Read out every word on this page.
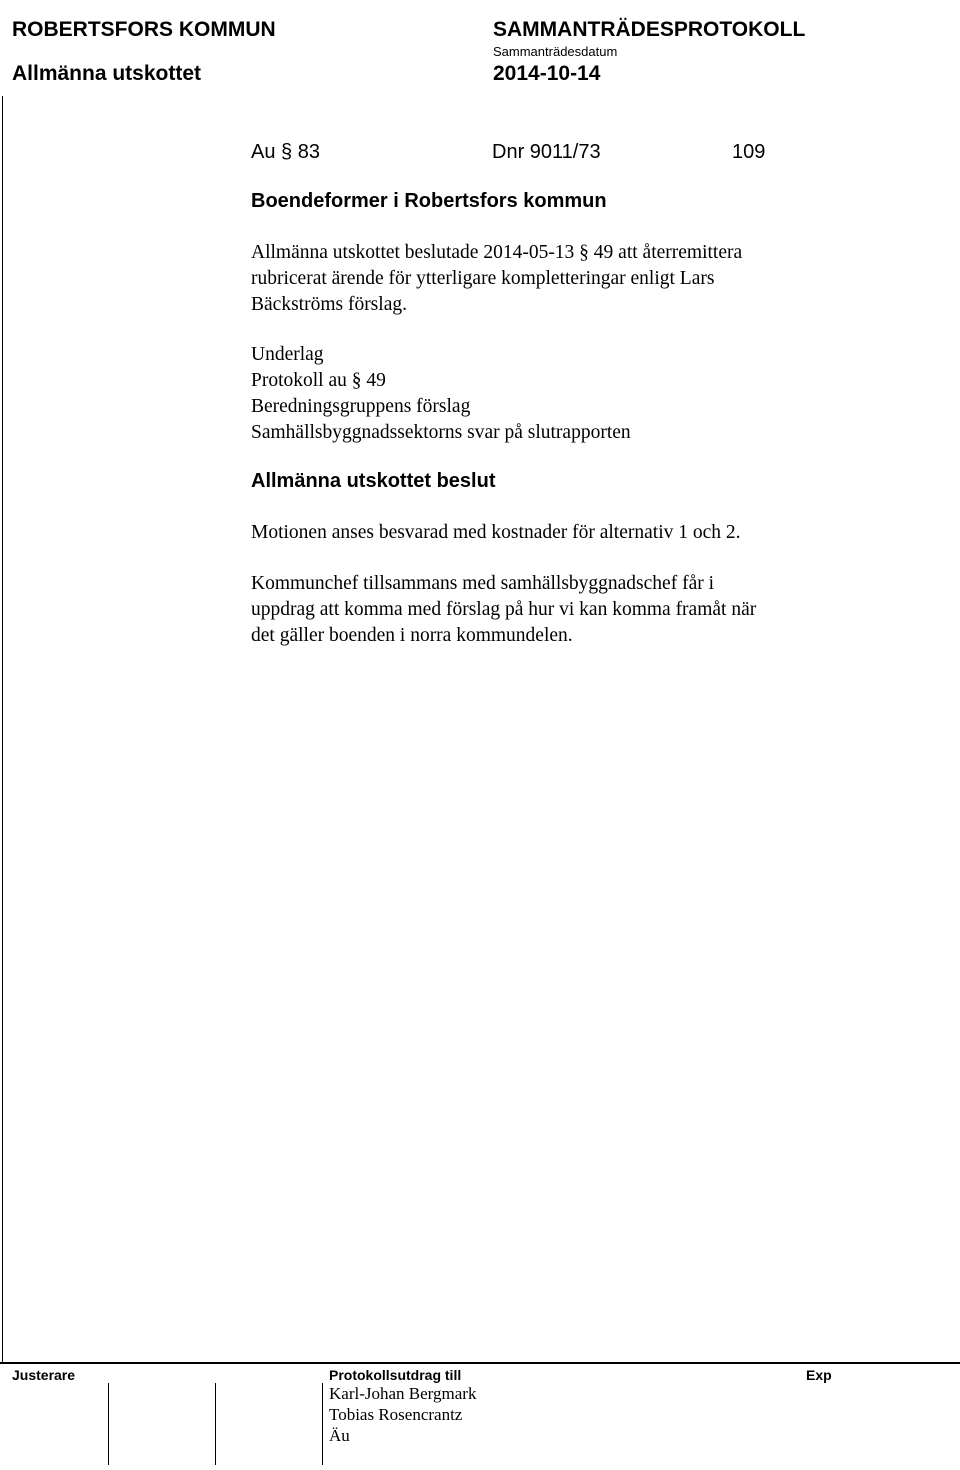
ROBERTSFORS KOMMUN
Allmänna utskottet
SAMMANTRÄDESPROTOKOLL
Sammanträdesdatum
2014-10-14
Au § 83	Dnr 9011/73	109
Boendeformer i Robertsfors kommun
Allmänna utskottet beslutade 2014-05-13 § 49 att återremittera
rubricerat ärende för ytterligare kompletteringar enligt Lars
Bäckströms förslag.
Underlag
Protokoll au § 49
Beredningsgruppens förslag
Samhällsbyggnadssektorns svar på slutrapporten
Allmänna utskottet beslut
Motionen anses besvarad med kostnader för alternativ 1 och 2.
Kommunchef tillsammans med samhällsbyggnadschef får i
uppdrag att komma med förslag på hur vi kan komma framåt när
det gäller boenden i norra kommundelen.
Justerare	Protokollsutdrag till	Exp
Karl-Johan Bergmark
Tobias Rosencrantz
Äu
